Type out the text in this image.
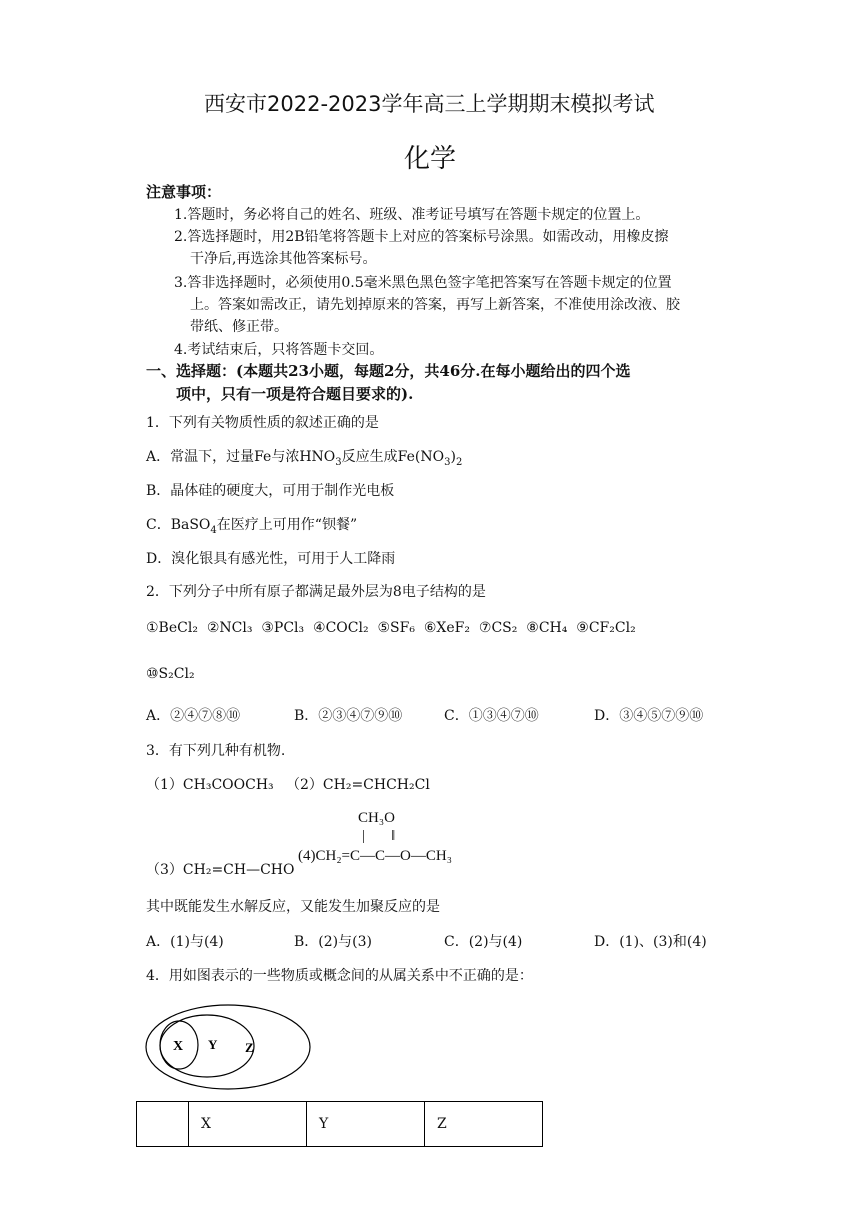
西安市2022-2023学年高三上学期期末模拟考试
化学
注意事项：
1.答题时，务必将自己的姓名、班级、准考证号填写在答题卡规定的位置上。
2.答选择题时，用2B铅笔将答题卡上对应的答案标号涂黑。如需改动，用橡皮擦
干净后,再选涂其他答案标号。
3.答非选择题时，必须使用0.5毫米黑色黑色签字笔把答案写在答题卡规定的位置
上。答案如需改正，请先划掉原来的答案，再写上新答案，不准使用涂改液、胶
带纸、修正带。
4.考试结束后，只将答题卡交回。
一、选择题：(本题共23小题，每题2分，共46分.在每小题给出的四个选
项中，只有一项是符合题目要求的).
1．下列有关物质性质的叙述正确的是
A．常温下，过量Fe与浓$HNO_3$反应生成$Fe(NO_3)_2$
B．晶体硅的硬度大，可用于制作光电板
C．BaSO$_4$在医疗上可用作“钡餐”
D．溴化银具有感光性，可用于人工降雨
2．下列分子中所有原子都满足最外层为8电子结构的是
①BeCl₂ ②NCl₃ ③PCl₃ ④COCl₂ ⑤SF₆ ⑥XeF₂ ⑦CS₂ ⑧CH₄ ⑨CF₂Cl₂
⑩S₂Cl₂
A．②④⑦⑧⑩	B．②③④⑦⑨⑩	C．①③④⑦⑩	D．③④⑤⑦⑨⑩
3．有下列几种有机物.
（1）CH₃COOCH₃ （2）CH₂=CHCH₂Cl
CH₃O
| ‖
(4)CH₂=C—C—O—CH₃
（3）CH₂=CH—CHO
其中既能发生水解反应，又能发生加聚反应的是
A．(1)与(4)	B．(2)与(3)	C．(2)与(4)	D．(1)、(3)和(4)
4．用如图表示的一些物质或概念间的从属关系中不正确的是：
X Y Z
	X	Y	Z
